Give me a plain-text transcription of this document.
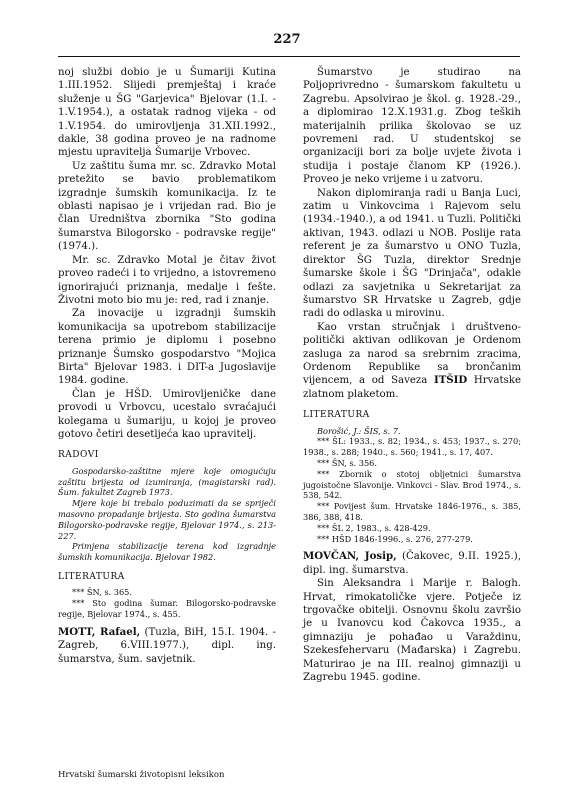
227

noj službi dobio je u Šumariji Kutina 1.III.1952. Slijedi premještaj i kraće služenje u ŠG "Garjevica" Bjelovar (1.I. - 1.V.1954.), a ostatak radnog vijeka - od 1.V.1954. do umirovljenja 31.XII.1992., dakle, 38 godina proveo je na radnome mjestu upravitelja Šumarije Vrbovec.

Uz zaštitu šuma mr. sc. Zdravko Motal pretežito se bavio problematikom izgradnje šumskih komunikacija. Iz te oblasti napisao je i vrijedan rad. Bio je član Uredništva zbornika "Sto godina šumarstva Bilogorsko - podravske regije" (1974.).

Mr. sc. Zdravko Motal je čitav život proveo radeći i to vrijedno, a istovremeno ignorirajući priznanja, medalje i fešte. Životni moto bio mu je: red, rad i znanje.

Za inovacije u izgradnji šumskih komunikacija sa upotrebom stabilizacije terena primio je diplomu i posebno priznanje Šumsko gospodarstvo "Mojica Birta" Bjelovar 1983. i DIT-a Jugoslavije 1984. godine.

Član je HŠD. Umirovljeničke dane provodi u Vrbovcu, ucestalo svraćajući kolegama u šumariju, u kojoj je proveo gotovo četiri desetljeća kao upravitelj.

RADOVI

Gospodarsko-zaštitne mjere koje omogućuju zaštitu brijesta od izumiranja, (magistarski rad). Šum. fakultet Zagreb 1973.

Mjere koje bi trebalo poduzimati da se spriječi masovno propadanje brijesta. Sto godina šumarstva Bilogorsko-podravske regije, Bjelovar 1974., s. 213-227.

Primjena stabilizacije terena kod izgradnje šumskih komunikacija. Bjelovar 1982.

LITERATURA

*** ŠN, s. 365.

*** Sto godina šumar. Bilogorsko-podravske regije, Bjelovar 1974., s. 455.

MOTT, Rafael, (Tuzla, BiH, 15.I. 1904. - Zagreb, 6.VIII.1977.), dipl. ing. šumarstva, šum. savjetnik.

Šumarstvo je studirao na Poljoprivredno - šumarskom fakultetu u Zagrebu. Apsolvirao je škol. g. 1928.-29., a diplomirao 12.X.1931.g. Zbog teških materijalnih prilika školovao se uz povremeni rad. U studentskoj se organizaciji bori za bolje uvjete života i studija i postaje članom KP (1926.). Proveo je neko vrijeme i u zatvoru.

Nakon diplomiranja radi u Banja Luci, zatim u Vinkovcima i Rajevom selu (1934.-1940.), a od 1941. u Tuzli. Politički aktivan, 1943. odlazi u NOB. Poslije rata referent je za šumarstvo u ONO Tuzla, direktor ŠG Tuzla, direktor Srednje šumarske škole i ŠG "Drinjača", odakle odlazi za savjetnika u Sekretarijat za šumarstvo SR Hrvatske u Zagreb, gdje radi do odlaska u mirovinu.

Kao vrstan stručnjak i društveno-politički aktivan odlikovan je Ordenom zasluga za narod sa srebrnim zracima, Ordenom Republike sa brončanim vijencem, a od Saveza ITŠID Hrvatske zlatnom plaketom.

LITERATURA

Borošić, J.: ŠIS, s. 7.

*** ŠL: 1933., s. 82; 1934., s. 453; 1937., s. 270; 1938., s. 288; 1940., s. 560; 1941., s. 17, 407.

*** ŠN, s. 356.

*** Zbornik o stotoj obljetnici šumarstva jugoistočne Slavonije. Vinkovci - Slav. Brod 1974., s. 538, 542.

*** Povijest šum. Hrvatske 1846-1976., s. 385, 386, 388, 418.

*** ŠL 2, 1983., s. 428-429.

*** HŠD 1846-1996., s. 276, 277-279.

MOVČAN, Josip, (Čakovec, 9.II. 1925.), dipl. ing. šumarstva.

Sin Aleksandra i Marije r. Balogh. Hrvat, rimokatoličke vjere. Potječe iz trgovačke obitelji. Osnovnu školu završio je u Ivanovcu kod Čakovca 1935., a gimnaziju je pohađao u Varaždinu, Szekesfehervaru (Mađarska) i Zagrebu. Maturirao je na III. realnoj gimnaziji u Zagrebu 1945. godine.

Hrvatski šumarski životopisni leksikon
